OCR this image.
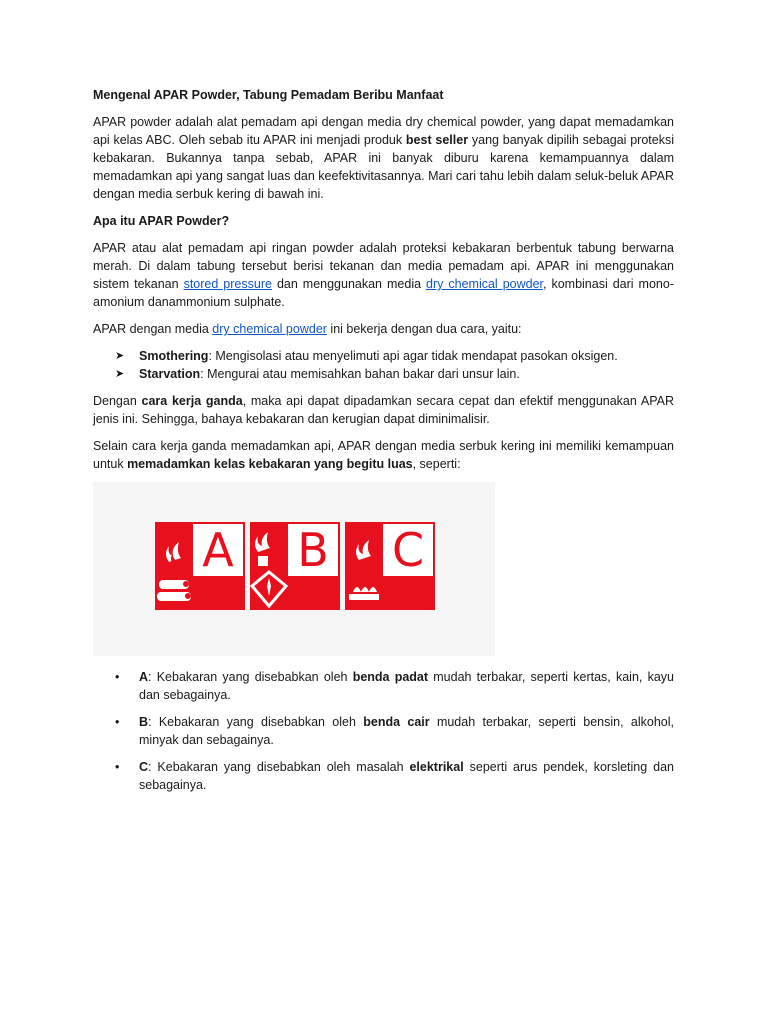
Mengenal APAR Powder, Tabung Pemadam Beribu Manfaat

APAR powder adalah alat pemadam api dengan media dry chemical powder, yang dapat memadamkan api kelas ABC. Oleh sebab itu APAR ini menjadi produk best seller yang banyak dipilih sebagai proteksi kebakaran. Bukannya tanpa sebab, APAR ini banyak diburu karena kemampuannya dalam memadamkan api yang sangat luas dan keefektivitasannya. Mari cari tahu lebih dalam seluk-beluk APAR dengan media serbuk kering di bawah ini.

Apa itu APAR Powder?

APAR atau alat pemadam api ringan powder adalah proteksi kebakaran berbentuk tabung berwarna merah. Di dalam tabung tersebut berisi tekanan dan media pemadam api. APAR ini menggunakan sistem tekanan stored pressure dan menggunakan media dry chemical powder, kombinasi dari mono-amonium danammonium sulphate.

APAR dengan media dry chemical powder ini bekerja dengan dua cara, yaitu:

➤ Smothering: Mengisolasi atau menyelimuti api agar tidak mendapat pasokan oksigen.
➤ Starvation: Mengurai atau memisahkan bahan bakar dari unsur lain.

Dengan cara kerja ganda, maka api dapat dipadamkan secara cepat dan efektif menggunakan APAR jenis ini. Sehingga, bahaya kebakaran dan kerugian dapat diminimalisir.

Selain cara kerja ganda memadamkan api, APAR dengan media serbuk kering ini memiliki kemampuan untuk memadamkan kelas kebakaran yang begitu luas, seperti:

A B C
• A: Kebakaran yang disebabkan oleh benda padat mudah terbakar, seperti kertas, kain, kayu dan sebagainya.
• B: Kebakaran yang disebabkan oleh benda cair mudah terbakar, seperti bensin, alkohol, minyak dan sebagainya.
• C: Kebakaran yang disebabkan oleh masalah elektrikal seperti arus pendek, korsleting dan sebagainya.
